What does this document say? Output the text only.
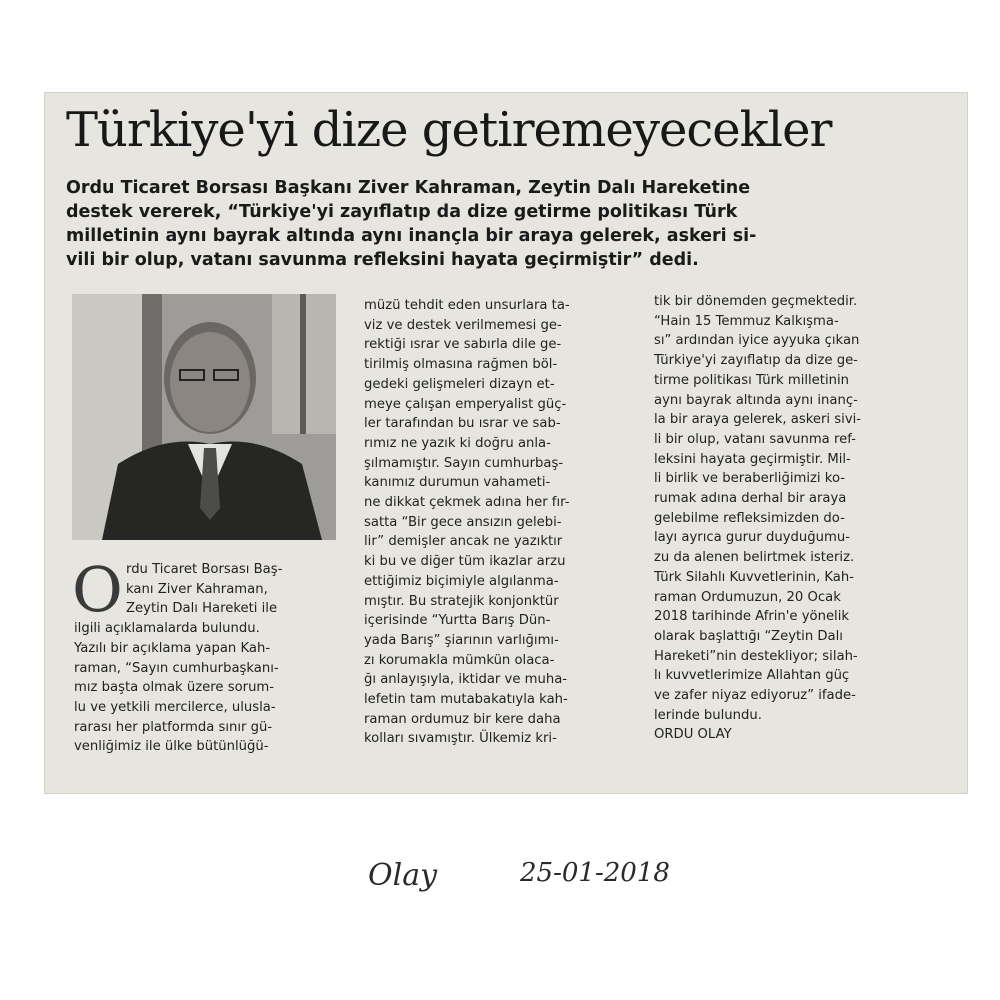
Türkiye'yi dize getiremeyecekler
Ordu Ticaret Borsası Başkanı Ziver Kahraman, Zeytin Dalı Hareketine
destek vererek, “Türkiye'yi zayıflatıp da dize getirme politikası Türk
milletinin aynı bayrak altında aynı inançla bir araya gelerek, askeri si-
vili bir olup, vatanı savunma refleksini hayata geçirmiştir” dedi.
O rdu Ticaret Borsası Baş-
kanı Ziver Kahraman,
Zeytin Dalı Hareketi ile
ilgili açıklamalarda bulundu.
Yazılı bir açıklama yapan Kah-
raman, “Sayın cumhurbaşkanı-
mız başta olmak üzere sorum-
lu ve yetkili mercilerce, ulusla-
rarası her platformda sınır gü-
venliğimiz ile ülke bütünlüğü-
müzü tehdit eden unsurlara ta-
viz ve destek verilmemesi ge-
rektiği ısrar ve sabırla dile ge-
tirilmiş olmasına rağmen böl-
gedeki gelişmeleri dizayn et-
meye çalışan emperyalist güç-
ler tarafından bu ısrar ve sab-
rımız ne yazık ki doğru anla-
şılmamıştır. Sayın cumhurbaş-
kanımız durumun vahameti-
ne dikkat çekmek adına her fır-
satta “Bir gece ansızın gelebi-
lir” demişler ancak ne yazıktır
ki bu ve diğer tüm ikazlar arzu
ettiğimiz biçimiyle algılanma-
mıştır. Bu stratejik konjonktür
içerisinde “Yurtta Barış Dün-
yada Barış” şiarının varlığımı-
zı korumakla mümkün olaca-
ğı anlayışıyla, iktidar ve muha-
lefetin tam mutabakatıyla kah-
raman ordumuz bir kere daha
kolları sıvamıştır. Ülkemiz kri-
tik bir dönemden geçmektedir.
“Hain 15 Temmuz Kalkışma-
sı” ardından iyice ayyuka çıkan
Türkiye'yi zayıflatıp da dize ge-
tirme politikası Türk milletinin
aynı bayrak altında aynı inanç-
la bir araya gelerek, askeri sivi-
li bir olup, vatanı savunma ref-
leksini hayata geçirmiştir. Mil-
li birlik ve beraberliğimizi ko-
rumak adına derhal bir araya
gelebilme refleksimizden do-
layı ayrıca gurur duyduğumu-
zu da alenen belirtmek isteriz.
Türk Silahlı Kuvvetlerinin, Kah-
raman Ordumuzun, 20 Ocak
2018 tarihinde Afrin'e yönelik
olarak başlattığı “Zeytin Dalı
Hareketi”nin destekliyor; silah-
lı kuvvetlerimize Allahtan güç
ve zafer niyaz ediyoruz” ifade-
lerinde bulundu.
ORDU OLAY
Olay	25-01-2018
